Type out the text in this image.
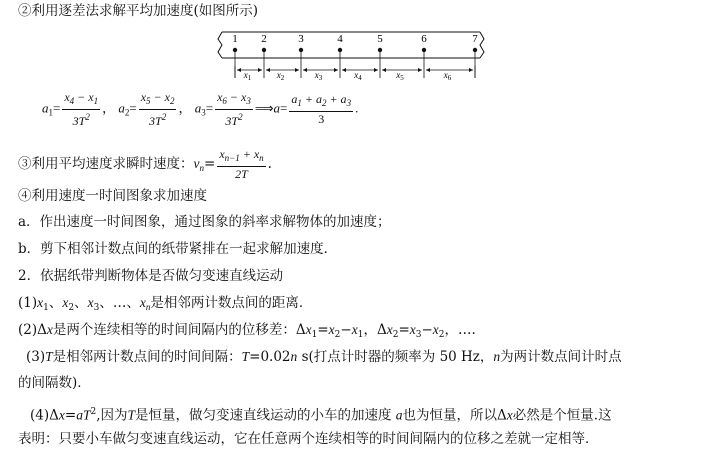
②利用逐差法求解平均加速度(如图所示)
1 2	3	4	5	6	7
$x_1$	$x_2$	$x_3$	$x_4$	$x_5$	$x_6$
$a_1= \frac{x_4 - x_1}{3T^2}$ ， $a_2= \frac{x_5 - x_2}{3T^2}$ ， $a_3= \frac{x_6 - x_3}{3T^2}$ ⟹a= $\frac{a_1 + a_2 + a_3}{3}$ .
③利用平均速度求瞬时速度：$v_n= \frac{x_{n-1} + x_n}{2T}$ .
④利用速度一时间图象求加速度
a．作出速度一时间图象，通过图象的斜率求解物体的加速度；
b．剪下相邻计数点间的纸带紧排在一起求解加速度．
2．依据纸带判断物体是否做匀变速直线运动
$(1)x_1$、$x_2$、$x_3$、…、$x_n$是相邻两计数点间的距离．
(2)Δx是两个连续相等的时间间隔内的位移差：$\Delta x_1=x_2-x_1$，$\Delta x_2=x_3-x_2$，….
(3)T是相邻两计数点间的时间间隔：T=0.02n s(打点计时器的频率为 50 Hz，n为两计数点间计时点
的间隔数)．
$(4)\Delta x=aT^2$,因为T是恒量，做匀变速直线运动的小车的加速度 a也为恒量，所以Δx必然是个恒量.这
表明：只要小车做匀变速直线运动，它在任意两个连续相等的时间间隔内的位移之差就一定相等．
